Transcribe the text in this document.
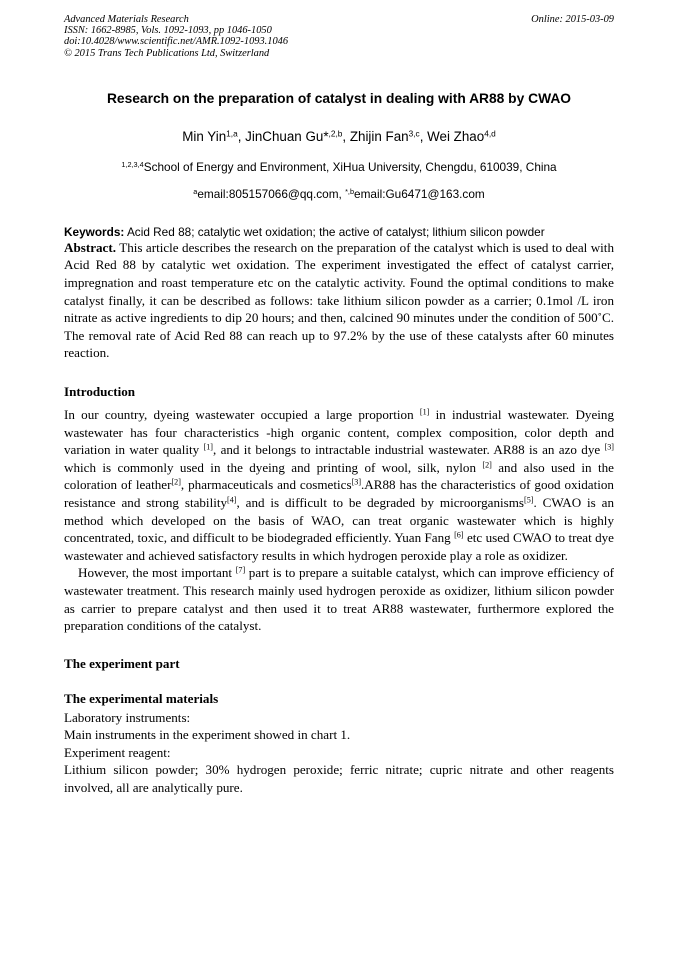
Advanced Materials Research
ISSN: 1662-8985, Vols. 1092-1093, pp 1046-1050
doi:10.4028/www.scientific.net/AMR.1092-1093.1046
© 2015 Trans Tech Publications Ltd, Switzerland
Online: 2015-03-09
Research on the preparation of catalyst in dealing with AR88 by CWAO
Min Yin$^{1,a}$, JinChuan Gu*$^{,2,b}$, Zhijin Fan$^{3,c}$, Wei Zhao$^{4,d}$
$^{1,2,3,4}$School of Energy and Environment, XiHua University, Chengdu, 610039, China
$^a$email:805157066@qq.com, $^{*,b}$email:Gu6471@163.com
Keywords: Acid Red 88; catalytic wet oxidation; the active of catalyst; lithium silicon powder

Abstract. This article describes the research on the preparation of the catalyst which is used to deal with Acid Red 88 by catalytic wet oxidation. The experiment investigated the effect of catalyst carrier, impregnation and roast temperature etc on the catalytic activity. Found the optimal conditions to make catalyst finally, it can be described as follows: take lithium silicon powder as a carrier; 0.1mol /L iron nitrate as active ingredients to dip 20 hours; and then, calcined 90 minutes under the condition of 500˚C. The removal rate of Acid Red 88 can reach up to 97.2% by the use of these catalysts after 60 minutes reaction.

Introduction

In our country, dyeing wastewater occupied a large proportion [1] in industrial wastewater. Dyeing wastewater has four characteristics -high organic content, complex composition, color depth and variation in water quality [1], and it belongs to intractable industrial wastewater. AR88 is an azo dye [3] which is commonly used in the dyeing and printing of wool, silk, nylon [2] and also used in the coloration of leather[2], pharmaceuticals and cosmetics[3].AR88 has the characteristics of good oxidation resistance and strong stability[4], and is difficult to be degraded by microorganisms[5]. CWAO is an method which developed on the basis of WAO, can treat organic wastewater which is highly concentrated, toxic, and difficult to be biodegraded efficiently. Yuan Fang [6] etc used CWAO to treat dye wastewater and achieved satisfactory results in which hydrogen peroxide play a role as oxidizer.

However, the most important [7] part is to prepare a suitable catalyst, which can improve efficiency of wastewater treatment. This research mainly used hydrogen peroxide as oxidizer, lithium silicon powder as carrier to prepare catalyst and then used it to treat AR88 wastewater, furthermore explored the preparation conditions of the catalyst.

The experiment part
The experimental materials

Laboratory instruments:

Main instruments in the experiment showed in chart 1.

Experiment reagent:

Lithium silicon powder; 30% hydrogen peroxide; ferric nitrate; cupric nitrate and other reagents involved, all are analytically pure.
